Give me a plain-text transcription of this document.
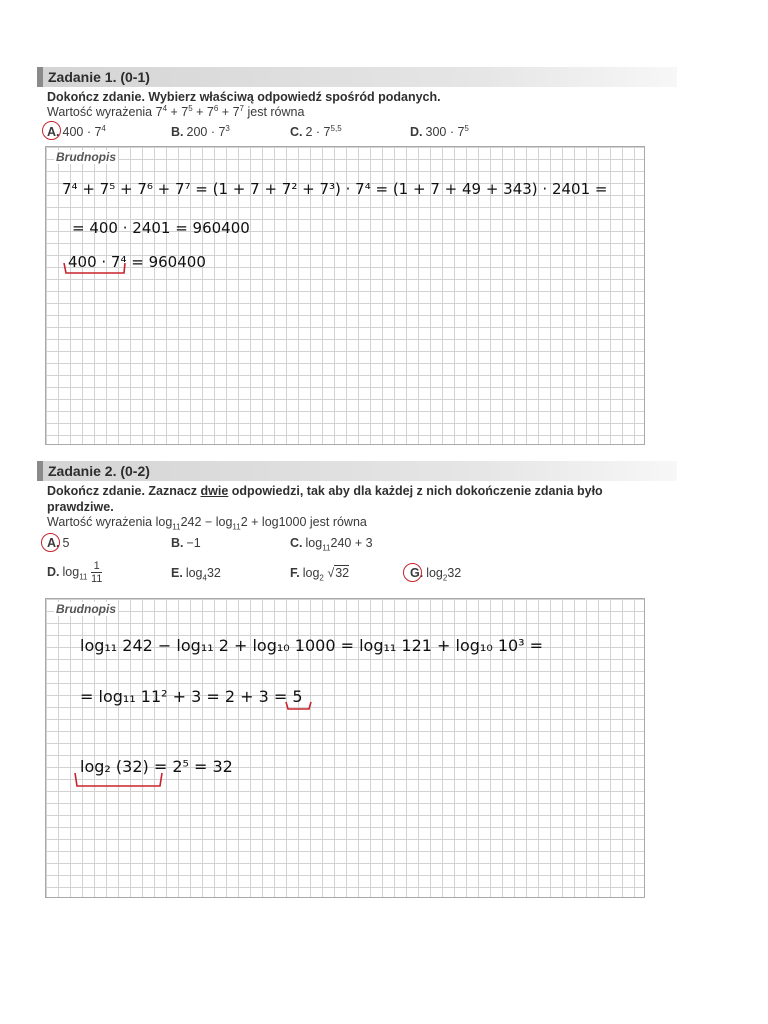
Zadanie 1. (0-1)
Dokończ zdanie. Wybierz właściwą odpowiedź spośród podanych.
Wartość wyrażenia $7^4 + 7^5 + 7^6 + 7^7$ jest równa
A. $400 \cdot 7^4$	B. $200 \cdot 7^3$	C. $2 \cdot 7^{5,5}$	D. $300 \cdot 7^5$
Brudnopis
7⁴ + 7⁵ + 7⁶ + 7⁷ = (1 + 7 + 7² + 7³) · 7⁴ = (1 + 7 + 49 + 343) · 2401 =
= 400 · 2401 = 960400
400 · 7⁴ = 960400
Zadanie 2. (0-2)
Dokończ zdanie. Zaznacz dwie odpowiedzi, tak aby dla każdej z nich dokończenie zdania było prawdziwe.
Wartość wyrażenia $\log_{11}242 - \log_{11}2 + \log 1000$ jest równa
A. 5	B. −1	C. $\log_{11}240 + 3$
D. $\log_{11} \frac{1}{11}$	E. $\log_432$	F. $\log_2 √32$	G. $\log_232$
Brudnopis
log₁₁ 242 − log₁₁ 2 + log₁₀ 1000 = log₁₁ 121 + log₁₀ 10³ =
= log₁₁ 11² + 3 = 2 + 3 = 5
log₂ (32) = 2⁵ = 32
